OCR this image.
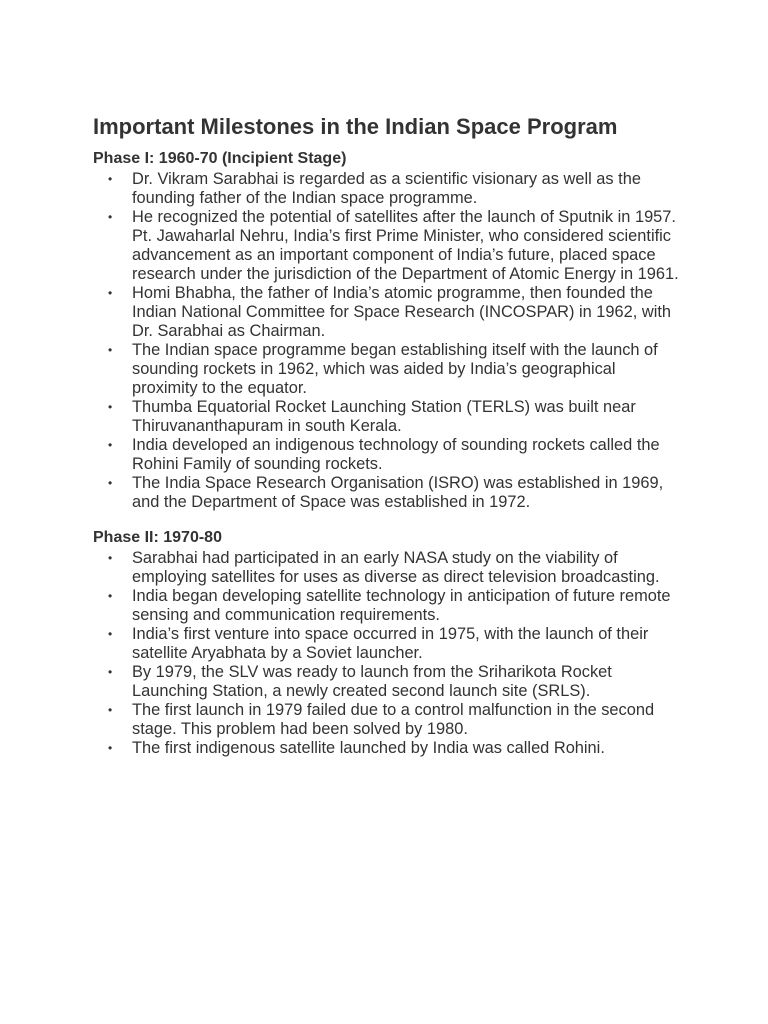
Important Milestones in the Indian Space Program
Phase I: 1960-70 (Incipient Stage)
• Dr. Vikram Sarabhai is regarded as a scientific visionary as well as the founding father of the Indian space programme.
• He recognized the potential of satellites after the launch of Sputnik in 1957. Pt. Jawaharlal Nehru, India’s first Prime Minister, who considered scientific advancement as an important component of India’s future, placed space research under the jurisdiction of the Department of Atomic Energy in 1961.
• Homi Bhabha, the father of India’s atomic programme, then founded the Indian National Committee for Space Research (INCOSPAR) in 1962, with Dr. Sarabhai as Chairman.
• The Indian space programme began establishing itself with the launch of sounding rockets in 1962, which was aided by India’s geographical proximity to the equator.
• Thumba Equatorial Rocket Launching Station (TERLS) was built near Thiruvananthapuram in south Kerala.
• India developed an indigenous technology of sounding rockets called the Rohini Family of sounding rockets.
• The India Space Research Organisation (ISRO) was established in 1969, and the Department of Space was established in 1972.
Phase II: 1970-80
• Sarabhai had participated in an early NASA study on the viability of employing satellites for uses as diverse as direct television broadcasting.
• India began developing satellite technology in anticipation of future remote sensing and communication requirements.
• India’s first venture into space occurred in 1975, with the launch of their satellite Aryabhata by a Soviet launcher.
• By 1979, the SLV was ready to launch from the Sriharikota Rocket Launching Station, a newly created second launch site (SRLS).
• The first launch in 1979 failed due to a control malfunction in the second stage. This problem had been solved by 1980.
• The first indigenous satellite launched by India was called Rohini.
